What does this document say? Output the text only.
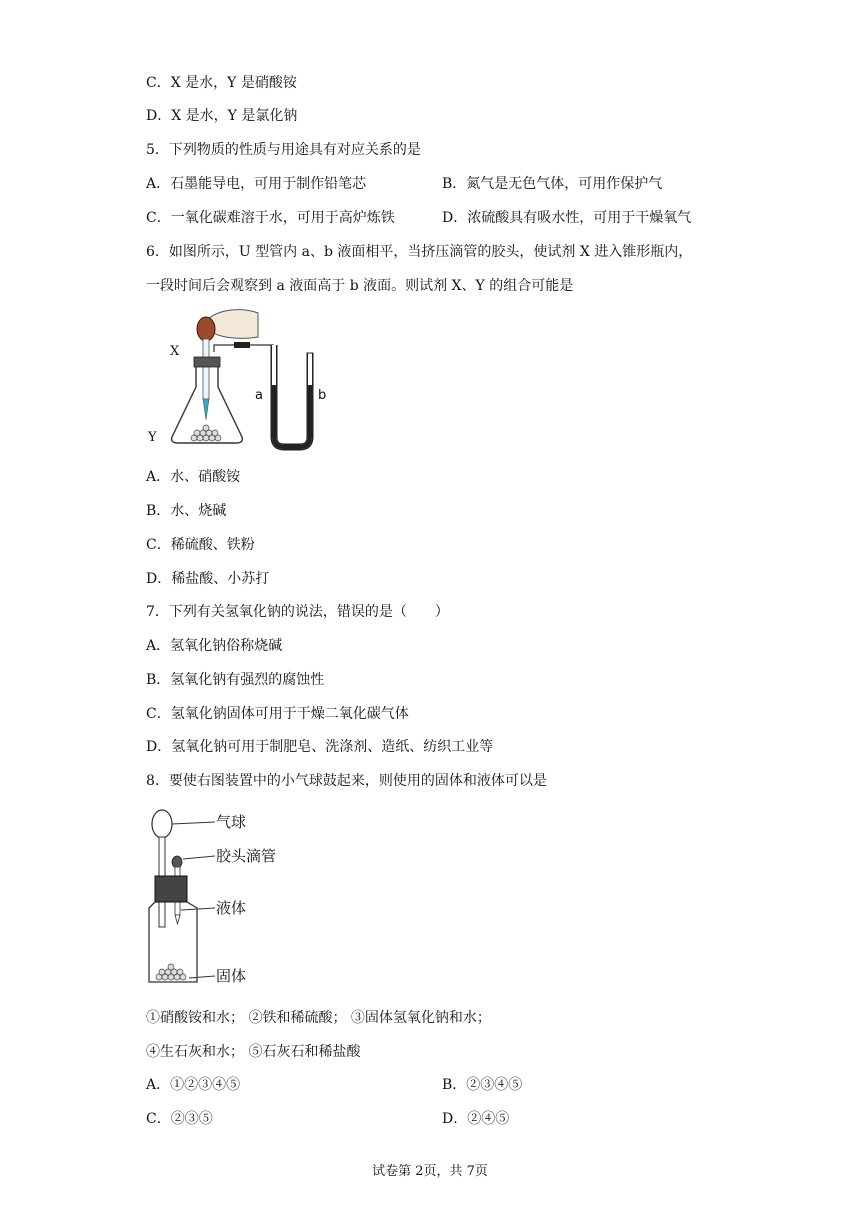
C．X 是水，Y 是硝酸铵
D．X 是水，Y 是氯化钠
5．下列物质的性质与用途具有对应关系的是
A．石墨能导电，可用于制作铅笔芯	B．氮气是无色气体，可用作保护气
C．一氧化碳难溶于水，可用于高炉炼铁	D．浓硫酸具有吸水性，可用于干燥氧气
6．如图所示，U 型管内 a、b 液面相平，当挤压滴管的胶头，使试剂 X 进入锥形瓶内，
一段时间后会观察到 a 液面高于 b 液面。则试剂 X、Y 的组合可能是
X
Y
a	b
A．水、硝酸铵
B．水、烧碱
C．稀硫酸、铁粉
D．稀盐酸、小苏打
7．下列有关氢氧化钠的说法，错误的是（　　）
A．氢氧化钠俗称烧碱
B．氢氧化钠有强烈的腐蚀性
C．氢氧化钠固体可用于干燥二氧化碳气体
D．氢氧化钠可用于制肥皂、洗涤剂、造纸、纺织工业等
8．要使右图装置中的小气球鼓起来，则使用的固体和液体可以是
气球
胶头滴管
液体
固体
①硝酸铵和水； ②铁和稀硫酸； ③固体氢氧化钠和水；
④生石灰和水； ⑤石灰石和稀盐酸
A．①②③④⑤	B．②③④⑤
C．②③⑤	D．②④⑤
试卷第 2页，共 7页
